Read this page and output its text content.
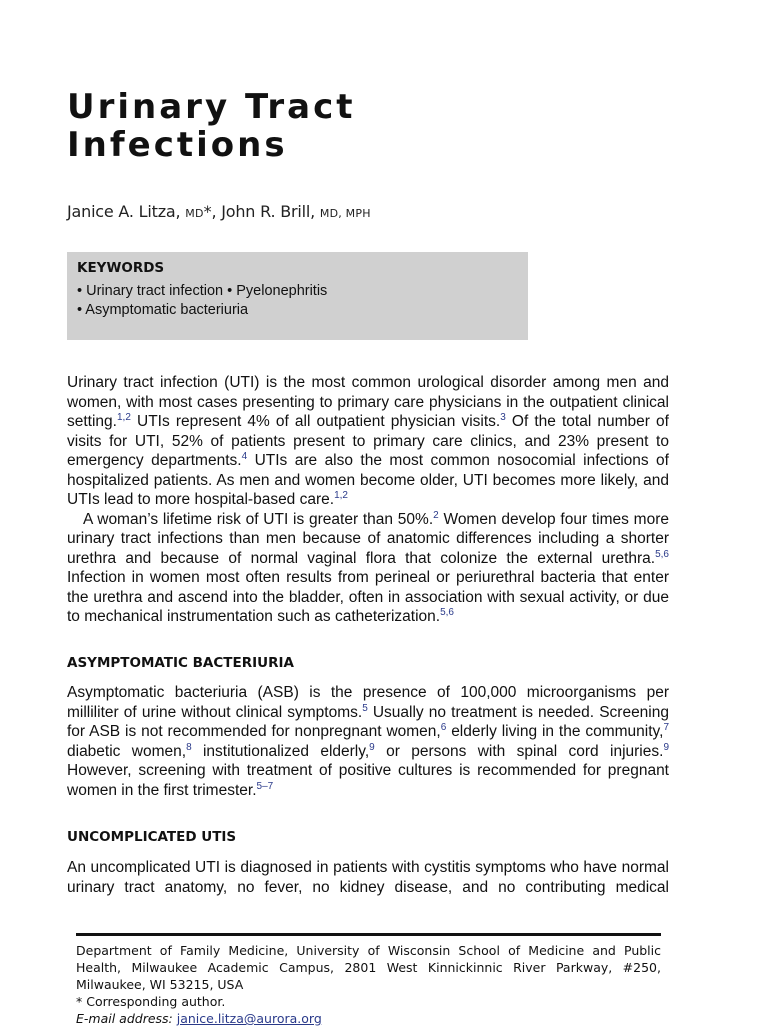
Urinary Tract
Infections
Janice A. Litza, MD*, John R. Brill, MD, MPH
KEYWORDS
• Urinary tract infection • Pyelonephritis
• Asymptomatic bacteriuria

Urinary tract infection (UTI) is the most common urological disorder among men and women, with most cases presenting to primary care physicians in the outpatient clinical setting.$^{1,2}$ UTIs represent 4% of all outpatient physician visits.$^3$ Of the total number of visits for UTI, 52% of patients present to primary care clinics, and 23% present to emergency departments.$^4$ UTIs are also the most common nosocomial infections of hospitalized patients. As men and women become older, UTI becomes more likely, and UTIs lead to more hospital-based care.$^{1,2}$

A woman’s lifetime risk of UTI is greater than 50%.$^2$ Women develop four times more urinary tract infections than men because of anatomic differences including a shorter urethra and because of normal vaginal flora that colonize the external urethra.$^{5,6}$ Infection in women most often results from perineal or periurethral bacteria that enter the urethra and ascend into the bladder, often in association with sexual activity, or due to mechanical instrumentation such as catheterization.$^{5,6}$

ASYMPTOMATIC BACTERIURIA

Asymptomatic bacteriuria (ASB) is the presence of 100,000 microorganisms per milliliter of urine without clinical symptoms.$^5$ Usually no treatment is needed. Screening for ASB is not recommended for nonpregnant women,$^6$ elderly living in the community,$^7$ diabetic women,$^8$ institutionalized elderly,$^9$ or persons with spinal cord injuries.$^9$ However, screening with treatment of positive cultures is recommended for pregnant women in the first trimester.$^{5-7}$

UNCOMPLICATED UTIS

An uncomplicated UTI is diagnosed in patients with cystitis symptoms who have normal urinary tract anatomy, no fever, no kidney disease, and no contributing medical

Department of Family Medicine, University of Wisconsin School of Medicine and Public Health, Milwaukee Academic Campus, 2801 West Kinnickinnic River Parkway, #250, Milwaukee, WI 53215, USA

* Corresponding author.

E-mail address: janice.litza@aurora.org
